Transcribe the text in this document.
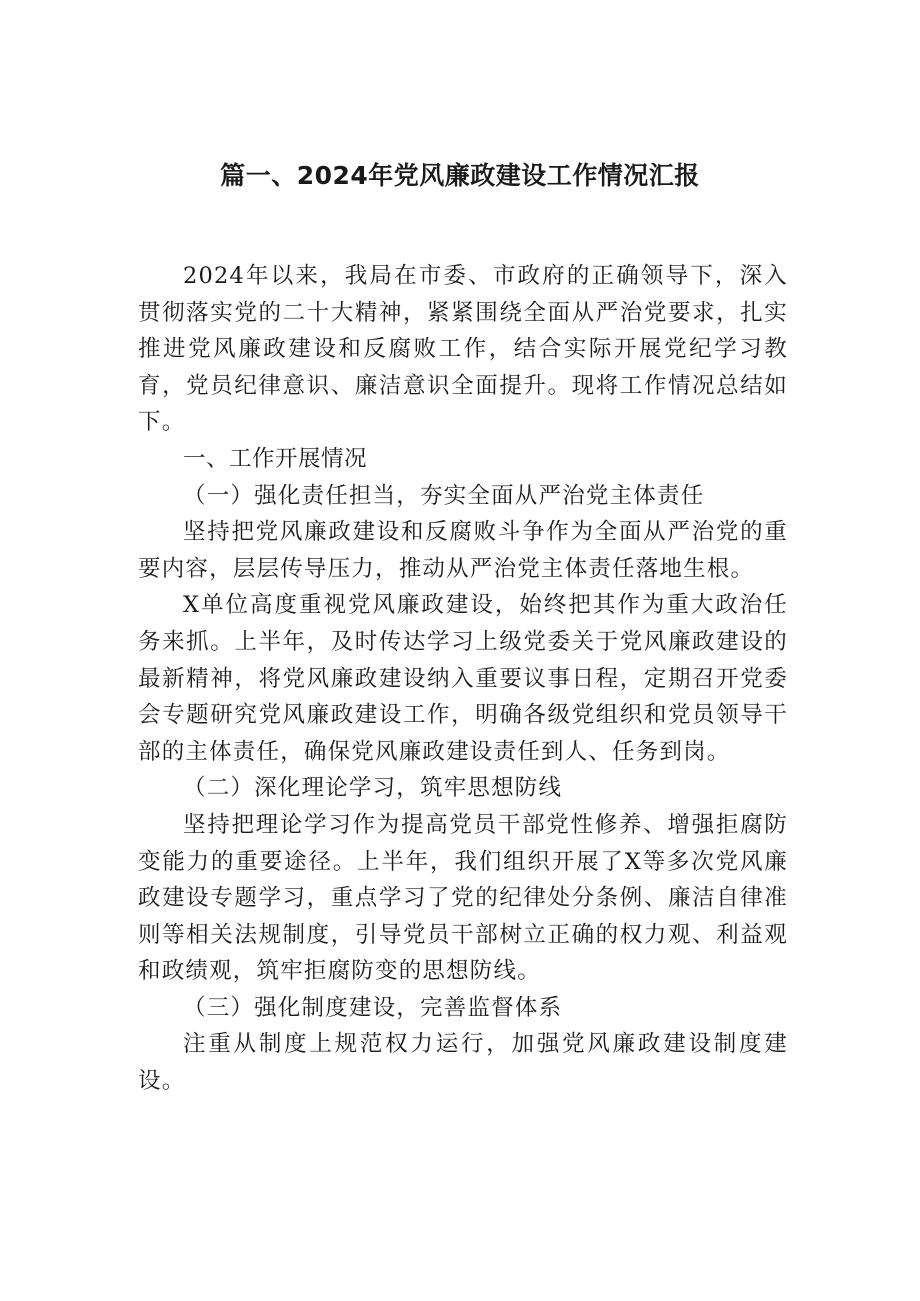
篇一、2024年党风廉政建设工作情况汇报

2024年以来，我局在市委、市政府的正确领导下，深入贯彻落实党的二十大精神，紧紧围绕全面从严治党要求，扎实推进党风廉政建设和反腐败工作，结合实际开展党纪学习教育，党员纪律意识、廉洁意识全面提升。现将工作情况总结如下。

一、工作开展情况

（一）强化责任担当，夯实全面从严治党主体责任

坚持把党风廉政建设和反腐败斗争作为全面从严治党的重要内容，层层传导压力，推动从严治党主体责任落地生根。

X单位高度重视党风廉政建设，始终把其作为重大政治任务来抓。上半年，及时传达学习上级党委关于党风廉政建设的最新精神，将党风廉政建设纳入重要议事日程，定期召开党委会专题研究党风廉政建设工作，明确各级党组织和党员领导干部的主体责任，确保党风廉政建设责任到人、任务到岗。

（二）深化理论学习，筑牢思想防线

坚持把理论学习作为提高党员干部党性修养、增强拒腐防变能力的重要途径。上半年，我们组织开展了X等多次党风廉政建设专题学习，重点学习了党的纪律处分条例、廉洁自律准则等相关法规制度，引导党员干部树立正确的权力观、利益观和政绩观，筑牢拒腐防变的思想防线。

（三）强化制度建设，完善监督体系

注重从制度上规范权力运行，加强党风廉政建设制度建设。
